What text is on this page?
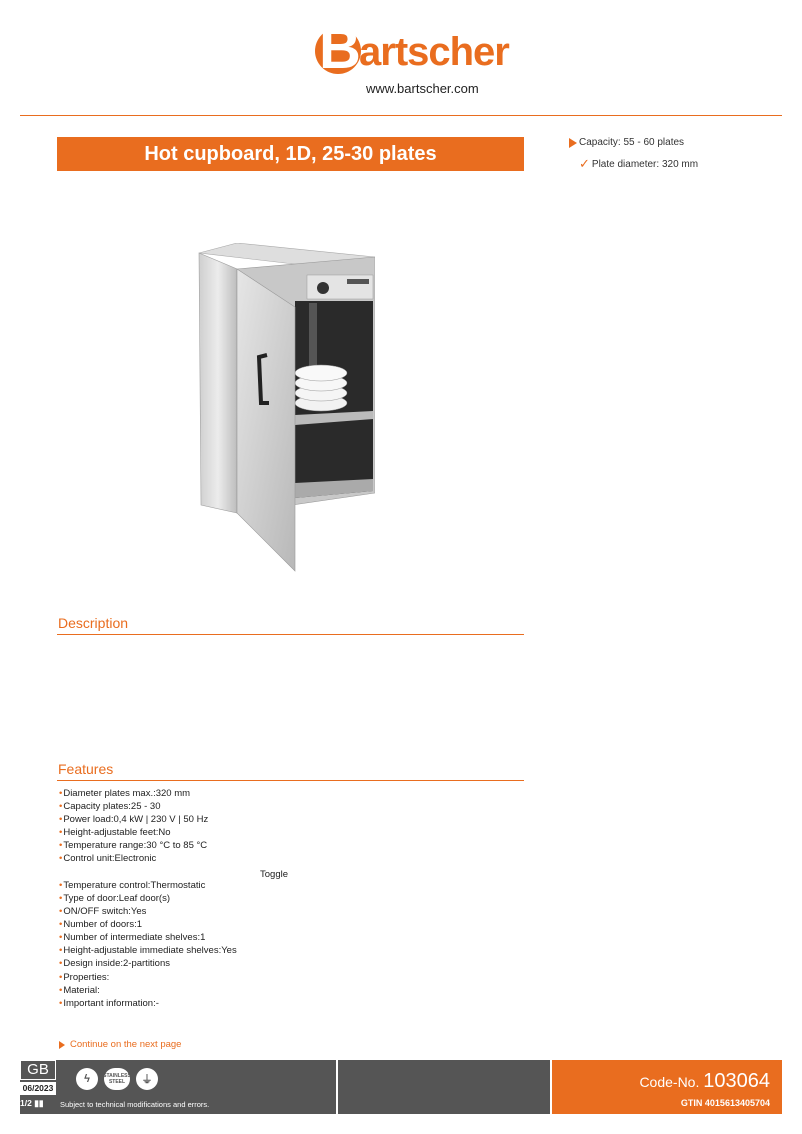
B
artscher
www.bartscher.com
Hot cupboard, 1D, 25-30 plates	Capacity: 55 - 60 plates
✓ Plate diameter: 320 mm
Description
Features
•Diameter plates max.:320 mm
•Capacity plates:25 - 30
•Power load:0,4 kW | 230 V | 50 Hz
•Height-adjustable feet:No
•Temperature range:30 °C to 85 °C
•Control unit:Electronic
Toggle
•Temperature control:Thermostatic
•Type of door:Leaf door(s)
•ON/OFF switch:Yes
•Number of doors:1
•Number of intermediate shelves:1
•Height-adjustable immediate shelves:Yes
•Design inside:2-partitions
•Properties:
•Material:
•Important information:-
Continue on the next page
GB
06/2023
1/2 ▮▮
ϟ	STAINLESS STEEL	⏚
Subject to technical modifications and errors.
Code-No. 103064
GTIN 4015613405704
